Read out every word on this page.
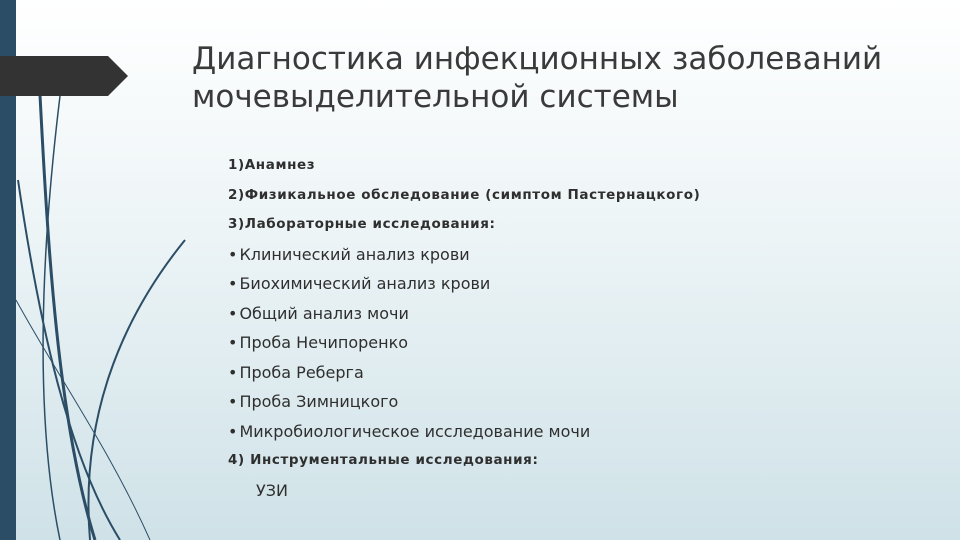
Диагностика инфекционных заболеваний мочевыделительной системы
1)Анамнез
2)Физикальное обследование (симптом Пастернацкого)
3)Лабораторные исследования:
• Клинический анализ крови
• Биохимический анализ крови
• Общий анализ мочи
• Проба Нечипоренко
• Проба Реберга
• Проба Зимницкого
• Микробиологическое исследование мочи
4) Инструментальные исследования:
УЗИ
